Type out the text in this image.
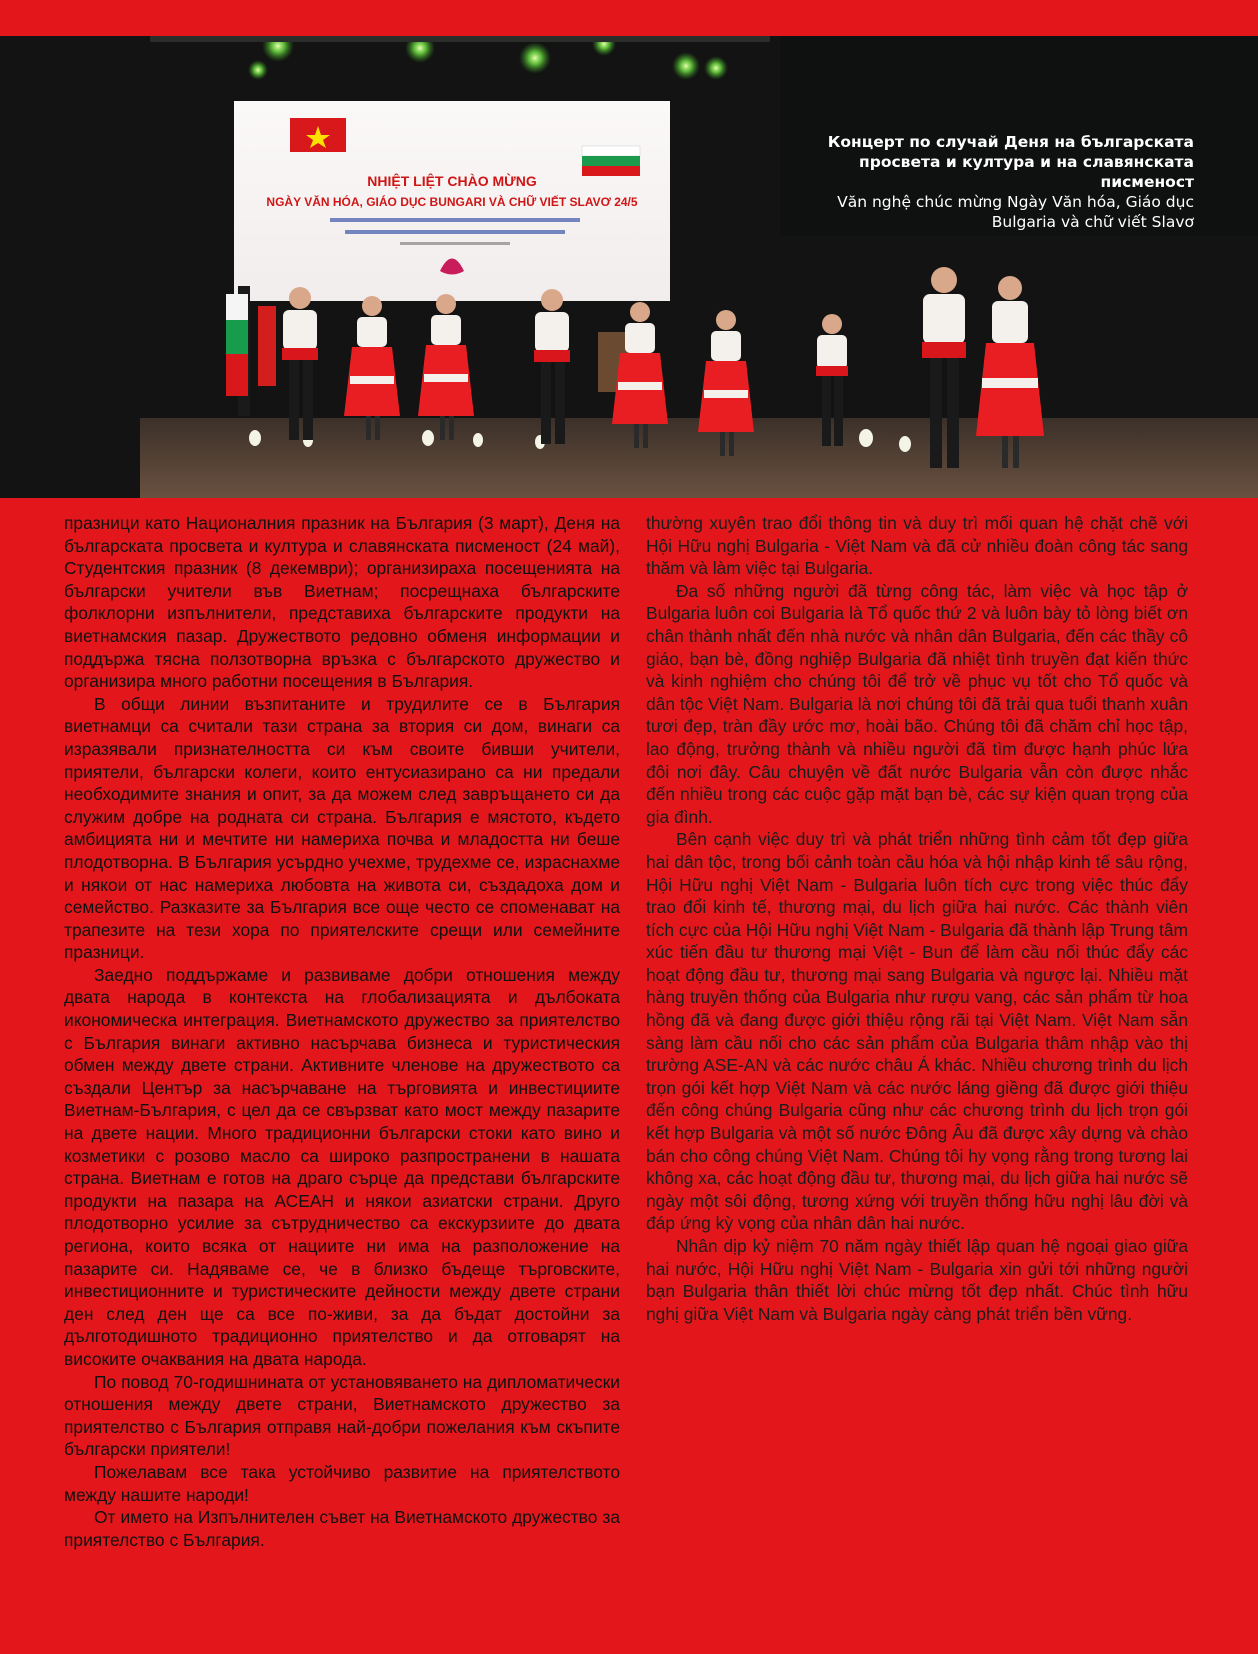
NHIỆT LIỆT CHÀO MỪNG
NGÀY VĂN HÓA, GIÁO DỤC BUNGARI VÀ CHỮ VIẾT SLAVƠ 24/5
Концерт по случай Деня на българската просвета и култура и на славянската писменост
Văn nghệ chúc mừng Ngày Văn hóa, Giáo dục Bulgaria và chữ viết Slavơ

празници като Националния празник на България (3 март), Деня на българската просвета и култура и славянската писменост (24 май), Студентския празник (8 декември); организираха посещенията на български учители във Виетнам; посрещнаха българските фолклорни изпълнители, представиха българските продукти на виетнамския пазар. Дружеството редовно обменя информации и поддържа тясна ползотворна връзка с българското дружество и организира много работни посещения в България.

В общи линии възпитаните и трудилите се в България виетнамци са считали тази страна за втория си дом, винаги са изразявали признателността си към своите бивши учители, приятели, български колеги, които ентусиазирано са ни предали необходимите знания и опит, за да можем след завръщането си да служим добре на родната си страна. България е мястото, където амбицията ни и мечтите ни намериха почва и младостта ни беше плодотворна. В България усърдно учехме, трудехме се, израснахме и някои от нас намериха любовта на живота си, създадоха дом и семейство. Разказите за България все още често се споменават на трапезите на тези хора по приятелските срещи или семейните празници.

Заедно поддържаме и развиваме добри отношения между двата народа в контекста на глобализацията и дълбоката икономическа интеграция. Виетнамското дружество за приятелство с България винаги активно насърчава бизнеса и туристическия обмен между двете страни. Активните членове на дружеството са създали Център за насърчаване на търговията и инвестициите Виетнам-България, с цел да се свързват като мост между пазарите на двете нации. Много традиционни български стоки като вино и козметики с розово масло са широко разпространени в нашата страна. Виетнам е готов на драго сърце да представи българските продукти на пазара на АСЕАН и някои азиатски страни. Друго плодотворно усилие за сътрудничество са екскурзиите до двата региона, които всяка от нациите ни има на разположение на пазарите си. Надяваме се, че в близко бъдеще търговските, инвестиционните и туристическите дейности между двете страни ден след ден ще са все по-живи, за да бъдат достойни за дълготодишното традиционно приятелство и да отговарят на високите очаквания на двата народа.

По повод 70-годишнината от установяването на дипломатически отношения между двете страни, Виетнамското дружество за приятелство с България отправя най-добри пожелания към скъпите български приятели!

Пожелавам все така устойчиво развитие на приятелството между нашите народи!

От името на Изпълнителен съвет на Виетнамското дружество за приятелство с България.

thường xuyên trao đổi thông tin và duy trì mối quan hệ chặt chẽ với Hội Hữu nghị Bulgaria - Việt Nam và đã cử nhiều đoàn công tác sang thăm và làm việc tại Bulgaria.

Đa số những người đã từng công tác, làm việc và học tập ở Bulgaria luôn coi Bulgaria là Tổ quốc thứ 2 và luôn bày tỏ lòng biết ơn chân thành nhất đến nhà nước và nhân dân Bulgaria, đến các thầy cô giáo, bạn bè, đồng nghiệp Bulgaria đã nhiệt tình truyền đạt kiến thức và kinh nghiệm cho chúng tôi để trở về phục vụ tốt cho Tổ quốc và dân tộc Việt Nam. Bulgaria là nơi chúng tôi đã trải qua tuổi thanh xuân tươi đẹp, tràn đầy ước mơ, hoài bão. Chúng tôi đã chăm chỉ học tập, lao động, trưởng thành và nhiều người đã tìm được hạnh phúc lứa đôi nơi đây. Câu chuyện về đất nước Bulgaria vẫn còn được nhắc đến nhiều trong các cuộc gặp mặt bạn bè, các sự kiện quan trọng của gia đình.

Bên cạnh việc duy trì và phát triển những tình cảm tốt đẹp giữa hai dân tộc, trong bối cảnh toàn cầu hóa và hội nhập kinh tế sâu rộng, Hội Hữu nghị Việt Nam - Bulgaria luôn tích cực trong việc thúc đẩy trao đổi kinh tế, thương mại, du lịch giữa hai nước. Các thành viên tích cực của Hội Hữu nghị Việt Nam - Bulgaria đã thành lập Trung tâm xúc tiến đầu tư thương mại Việt - Bun để làm cầu nối thúc đẩy các hoạt động đầu tư, thương mại sang Bulgaria và ngược lại. Nhiều mặt hàng truyền thống của Bulgaria như rượu vang, các sản phẩm từ hoa hồng đã và đang được giới thiệu rộng rãi tại Việt Nam. Việt Nam sẵn sàng làm cầu nối cho các sản phẩm của Bulgaria thâm nhập vào thị trường ASE-AN và các nước châu Á khác. Nhiều chương trình du lịch trọn gói kết hợp Việt Nam và các nước láng giềng đã được giới thiệu đến công chúng Bulgaria cũng như các chương trình du lịch trọn gói kết hợp Bulgaria và một số nước Đông Âu đã được xây dựng và chào bán cho công chúng Việt Nam. Chúng tôi hy vọng rằng trong tương lai không xa, các hoạt động đầu tư, thương mại, du lịch giữa hai nước sẽ ngày một sôi động, tương xứng với truyền thống hữu nghị lâu đời và đáp ứng kỳ vọng của nhân dân hai nước.

Nhân dịp kỷ niệm 70 năm ngày thiết lập quan hệ ngoại giao giữa hai nước, Hội Hữu nghị Việt Nam - Bulgaria xin gửi tới những người bạn Bulgaria thân thiết lời chúc mừng tốt đẹp nhất. Chúc tình hữu nghị giữa Việt Nam và Bulgaria ngày càng phát triển bền vững.
